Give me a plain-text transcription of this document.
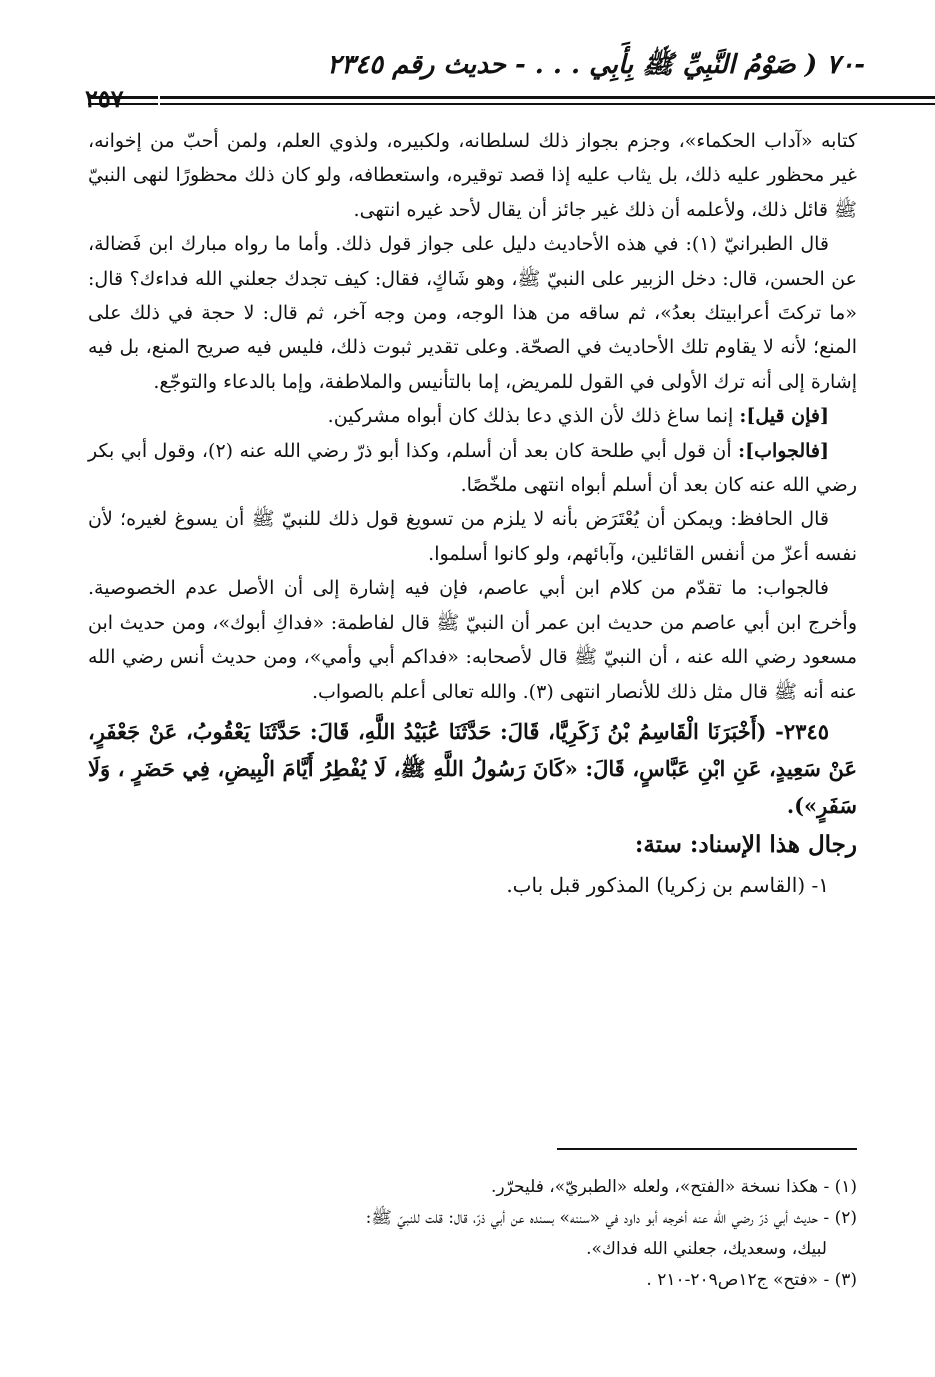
-٧٠ ( صَوْمُ النَّبِيِّ ﷺ بِأَبِي . . . - حديث رقم ٢٣٤٥
٢٥٧

كتابه «آداب الحكماء»، وجزم بجواز ذلك لسلطانه، ولكبيره، ولذوي العلم، ولمن أحبّ من إخوانه، غير محظور عليه ذلك، بل يثاب عليه إذا قصد توقيره، واستعطافه، ولو كان ذلك محظورًا لنهى النبيّ ﷺ قائل ذلك، ولأعلمه أن ذلك غير جائز أن يقال لأحد غيره انتهى.

قال الطبرانيّ (١): في هذه الأحاديث دليل على جواز قول ذلك. وأما ما رواه مبارك ابن فَضالة، عن الحسن، قال: دخل الزبير على النبيّ ﷺ، وهو شَاكٍ، فقال: كيف تجدك جعلني الله فداءك؟ قال: «ما تركتَ أعرابيتك بعدُ»، ثم ساقه من هذا الوجه، ومن وجه آخر، ثم قال: لا حجة في ذلك على المنع؛ لأنه لا يقاوم تلك الأحاديث في الصحّة. وعلى تقدير ثبوت ذلك، فليس فيه صريح المنع، بل فيه إشارة إلى أنه ترك الأولى في القول للمريض، إما بالتأنيس والملاطفة، وإما بالدعاء والتوجّع.

[فإن قيل]: إنما ساغ ذلك لأن الذي دعا بذلك كان أبواه مشركين.

[فالجواب]: أن قول أبي طلحة كان بعد أن أسلم، وكذا أبو ذرّ رضي الله عنه (٢)، وقول أبي بكر رضي الله عنه كان بعد أن أسلم أبواه انتهى ملخّصًا.

قال الحافظ: ويمكن أن يُعْتَرَض بأنه لا يلزم من تسويغ قول ذلك للنبيّ ﷺ أن يسوغ لغيره؛ لأن نفسه أعزّ من أنفس القائلين، وآبائهم، ولو كانوا أسلموا.

فالجواب: ما تقدّم من كلام ابن أبي عاصم، فإن فيه إشارة إلى أن الأصل عدم الخصوصية. وأخرج ابن أبي عاصم من حديث ابن عمر أن النبيّ ﷺ قال لفاطمة: «فداكِ أبوك»، ومن حديث ابن مسعود رضي الله عنه ، أن النبيّ ﷺ قال لأصحابه: «فداكم أبي وأمي»، ومن حديث أنس رضي الله عنه أنه ﷺ قال مثل ذلك للأنصار انتهى (٣). والله تعالى أعلم بالصواب.

٢٣٤٥- (أَخْبَرَنَا الْقَاسِمُ بْنُ زَكَرِيَّا، قَالَ: حَدَّثَنَا عُبَيْدُ اللَّهِ، قَالَ: حَدَّثَنَا يَعْقُوبُ، عَنْ جَعْفَرٍ، عَنْ سَعِيدٍ، عَنِ ابْنِ عَبَّاسٍ، قَالَ: «كَانَ رَسُولُ اللَّهِ ﷺ، لَا يُفْطِرُ أَيَّامَ الْبِيضِ، فِي حَضَرٍ ، وَلَا سَفَرٍ»).

رجال هذا الإسناد: ستة:

١- (القاسم بن زكريا) المذكور قبل باب.

(١) - هكذا نسخة «الفتح»، ولعله «الطبريّ»، فليحرّر.

(٢) - حديث أبي ذرّ رضي الله عنه أخرجه أبو داود في «سننه» بسنده عن أبي ذرّ، قال: قلت للنبيّ ﷺ:

لبيك، وسعديك، جعلني الله فداك».

(٣) - «فتح» ج١٢ص٢٠٩-٢١٠ .
